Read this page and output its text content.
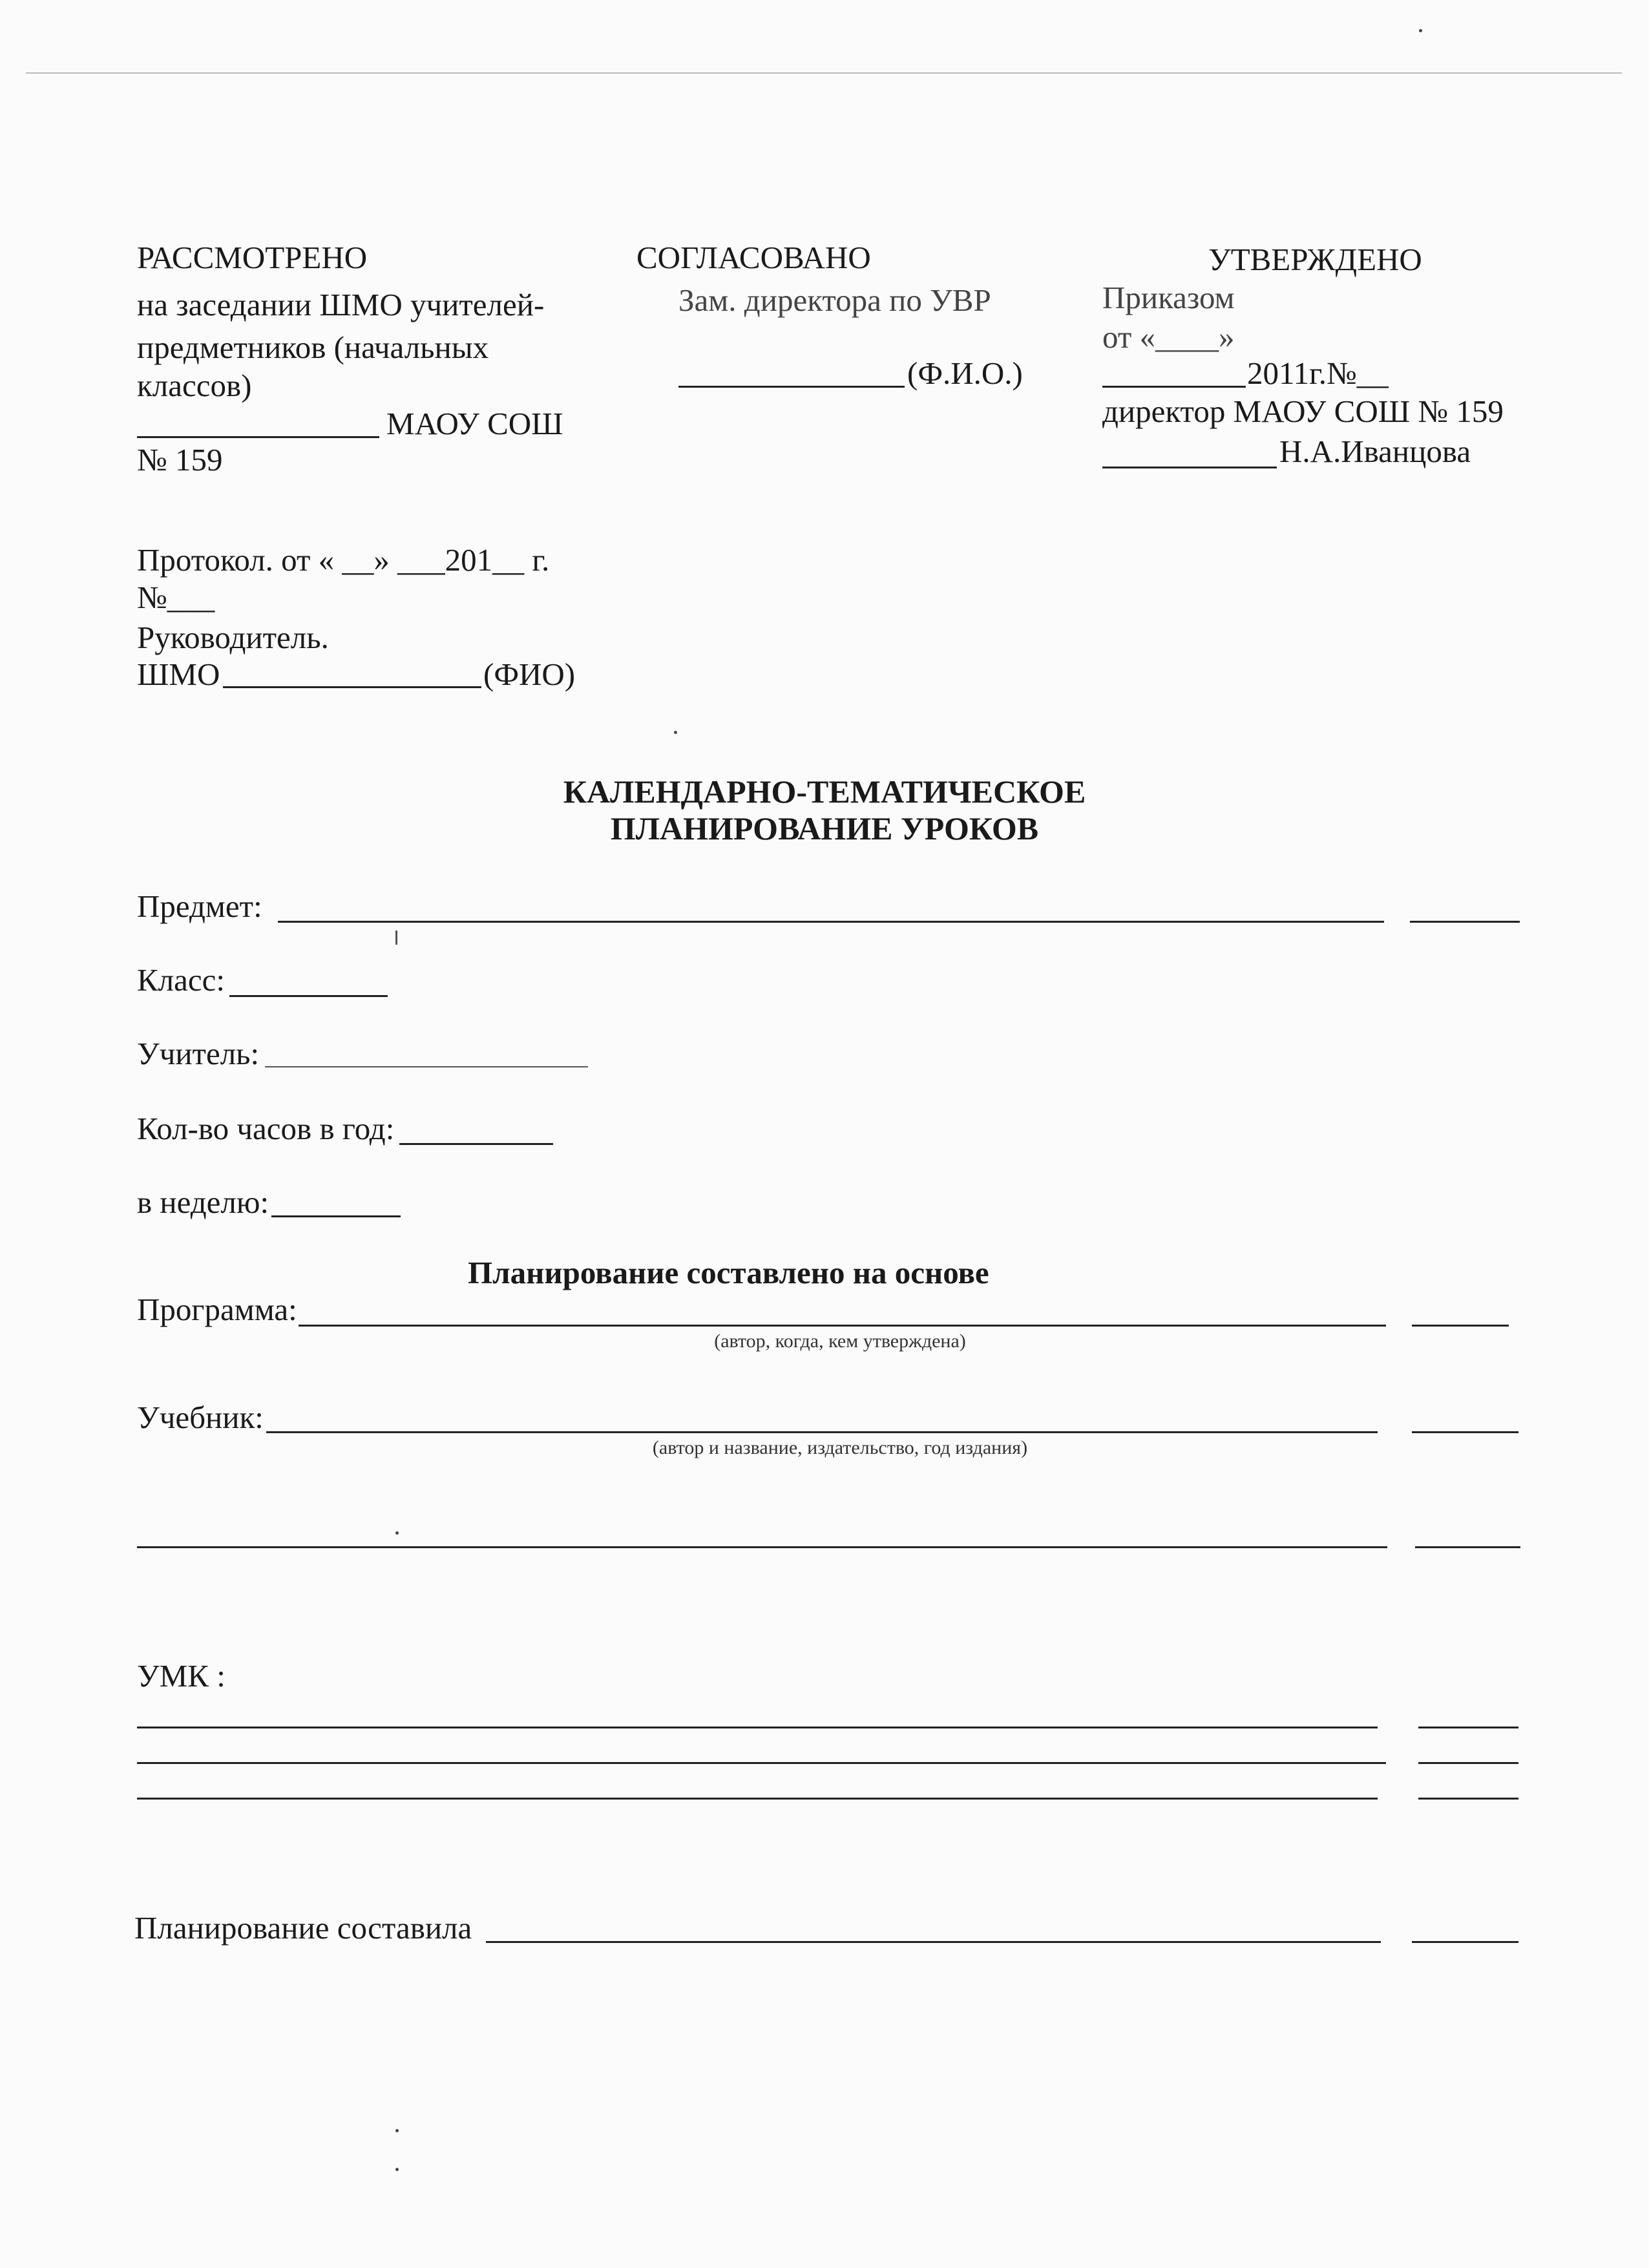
РАССМОТРЕНО
на заседании ШМО учителей-
предметников (начальных
классов)
МАОУ СОШ
№ 159
Протокол. от « __» ___201__ г.
№___
Руководитель.
ШМО	(ФИО)
СОГЛАСОВАНО
Зам. директора по УВР
(Ф.И.О.)
УТВЕРЖДЕНО
Приказом
от «____»
2011г.№__
директор МАОУ СОШ № 159
Н.А.Иванцова
КАЛЕНДАРНО-ТЕМАТИЧЕСКОЕ
ПЛАНИРОВАНИЕ УРОКОВ
Предмет:
Класс:
Учитель:
Кол-во часов в год:
в неделю:
Планирование составлено на основе
Программа:
(автор, когда, кем утверждена)
Учебник:
(автор и название, издательство, год издания)
УМК :
Планирование составила
